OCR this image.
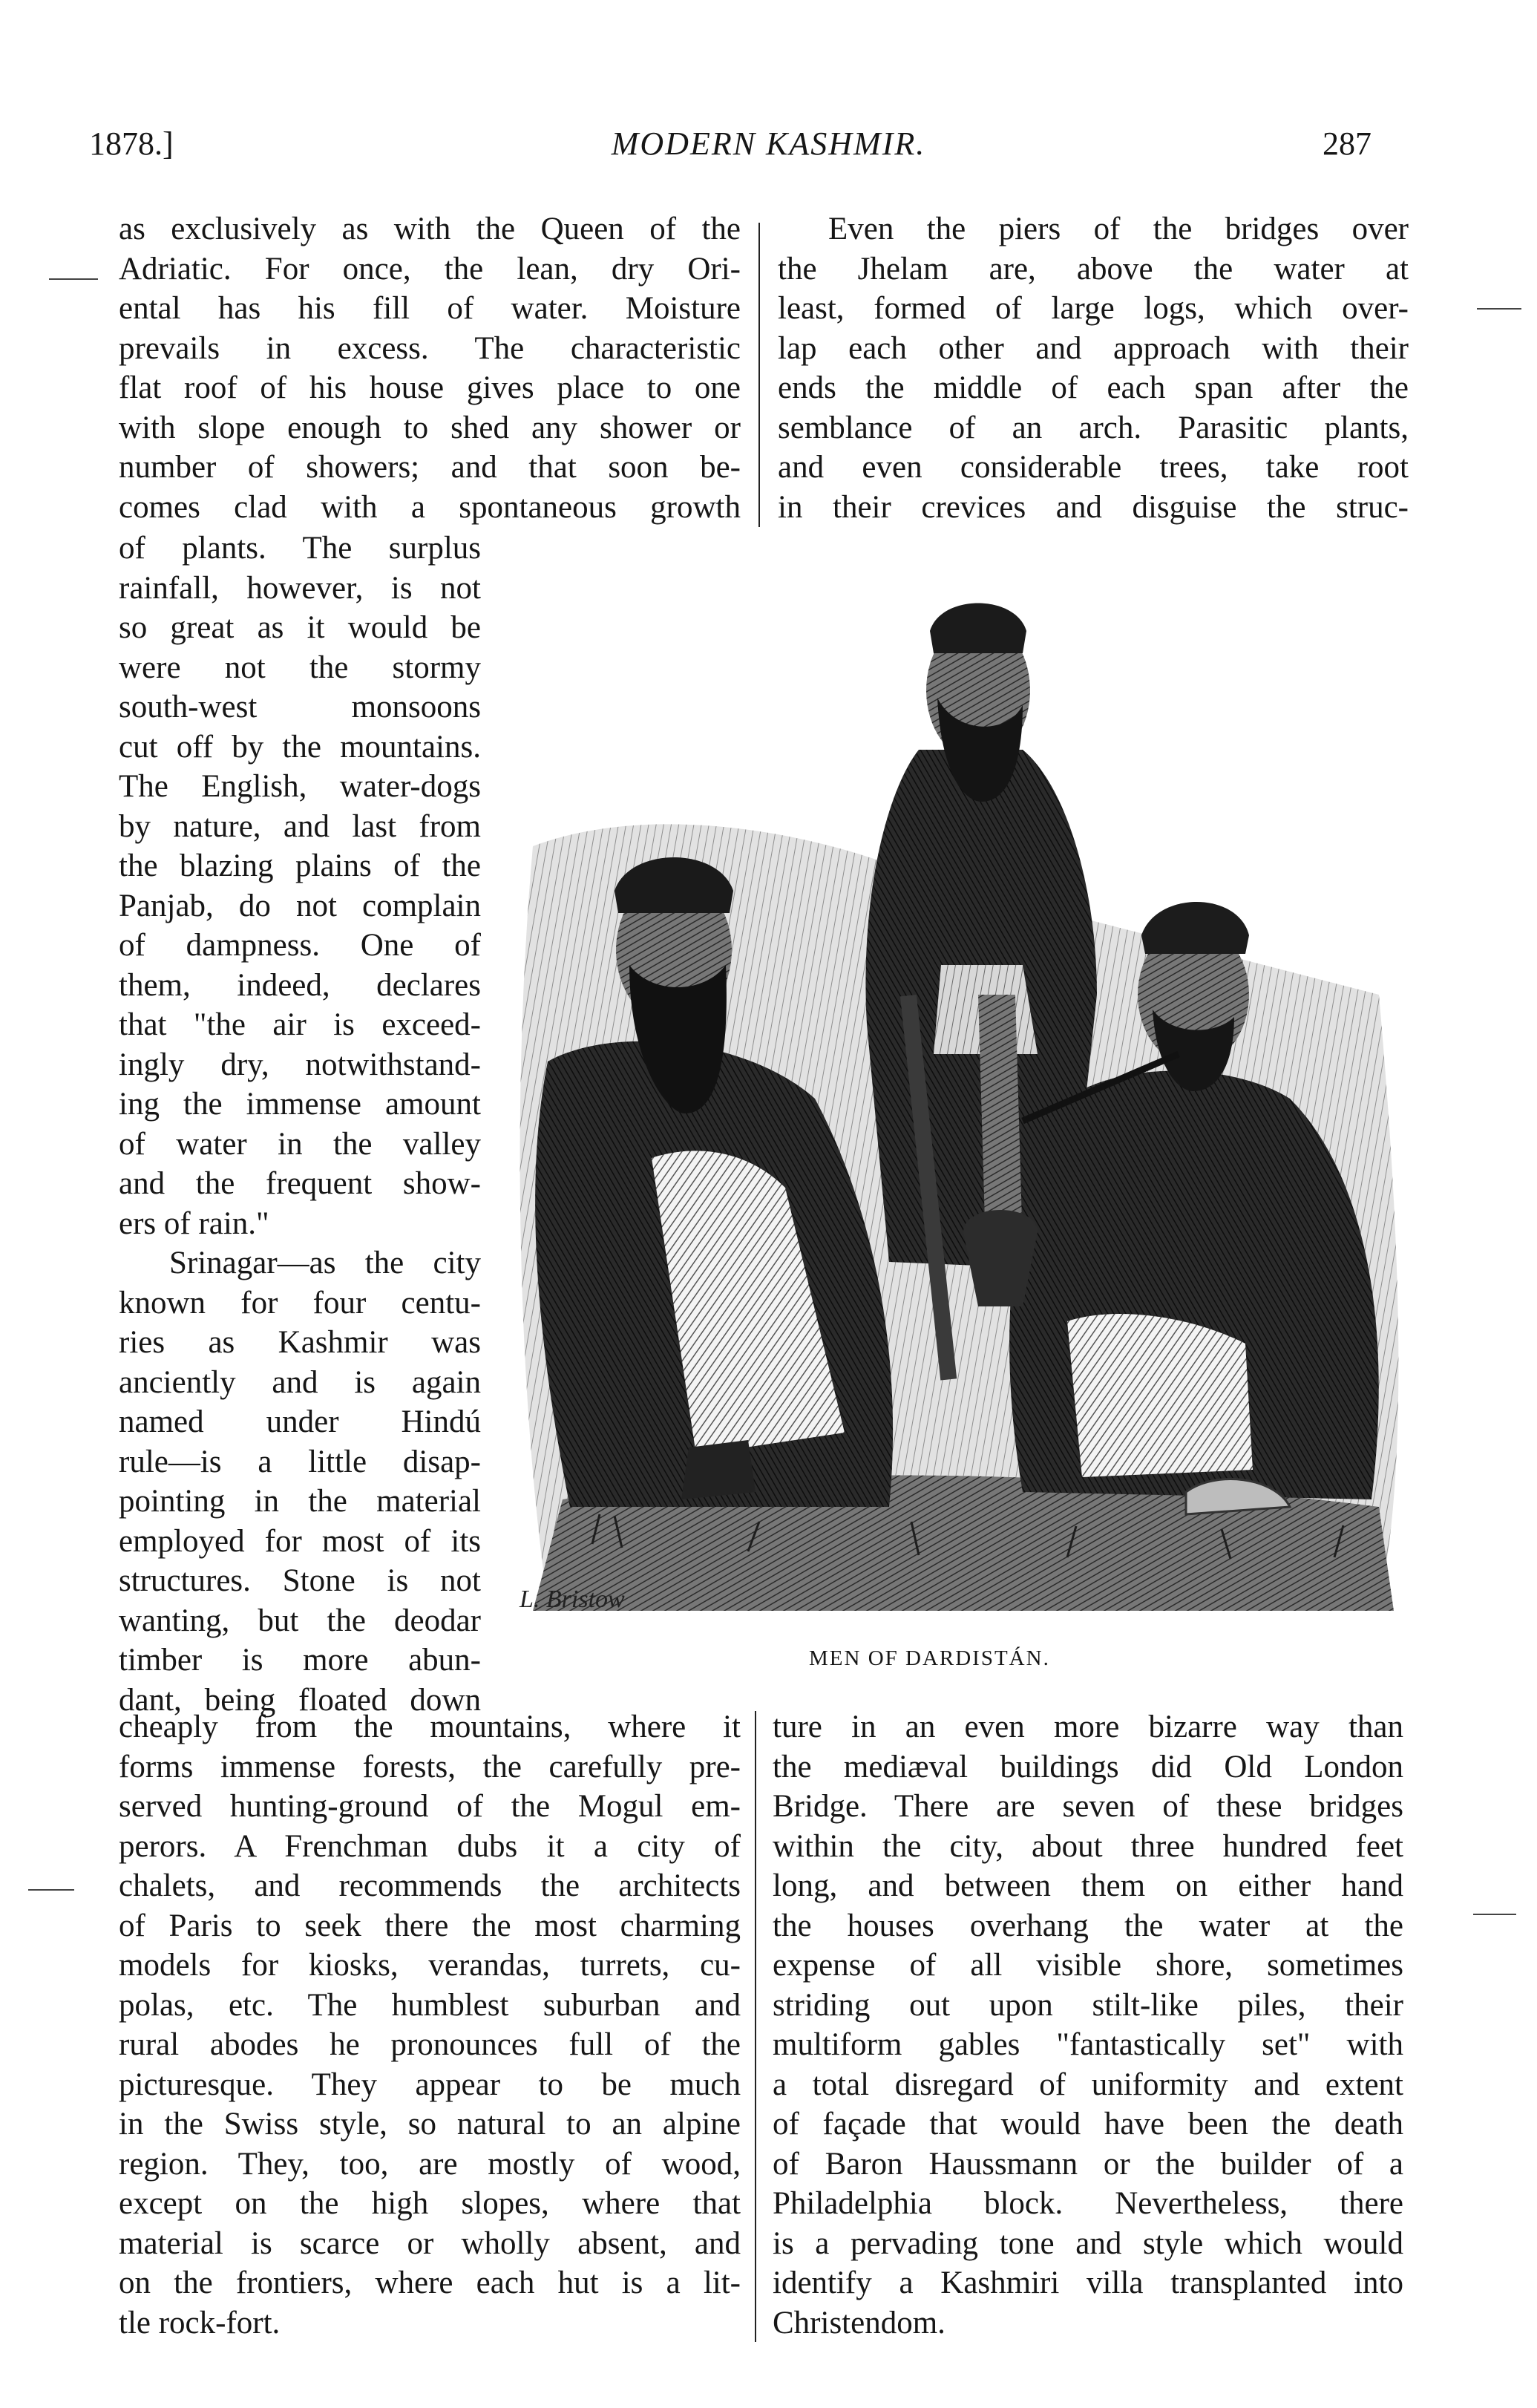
1878.]	MODERN KASHMIR.	287
as exclusively as with the Queen of the
Adriatic. For once, the lean, dry Ori-
ental has his fill of water. Moisture
prevails in excess. The characteristic
flat roof of his house gives place to one
with slope enough to shed any shower or
number of showers; and that soon be-
comes clad with a spontaneous growth
Even the piers of the bridges over
the Jhelam are, above the water at
least, formed of large logs, which over-
lap each other and approach with their
ends the middle of each span after the
semblance of an arch. Parasitic plants,
and even considerable trees, take root
in their crevices and disguise the struc-
of plants. The surplus
rainfall, however, is not
so great as it would be
were not the stormy
south-west monsoons
cut off by the mountains.
The English, water-dogs
by nature, and last from
the blazing plains of the
Panjab, do not complain
of dampness. One of
them, indeed, declares
that "the air is exceed-
ingly dry, notwithstand-
ing the immense amount
of water in the valley
and the frequent show-
ers of rain."
Srinagar—as the city
known for four centu-
ries as Kashmir was
anciently and is again
named under Hindú
rule—is a little disap-
pointing in the material
employed for most of its
structures. Stone is not
wanting, but the deodar
timber is more abun-
dant, being floated down
cheaply from the mountains, where it
forms immense forests, the carefully pre-
served hunting-ground of the Mogul em-
perors. A Frenchman dubs it a city of
chalets, and recommends the architects
of Paris to seek there the most charming
models for kiosks, verandas, turrets, cu-
polas, etc. The humblest suburban and
rural abodes he pronounces full of the
picturesque. They appear to be much
in the Swiss style, so natural to an alpine
region. They, too, are mostly of wood,
except on the high slopes, where that
material is scarce or wholly absent, and
on the frontiers, where each hut is a lit-
tle rock-fort.
ture in an even more bizarre way than
the mediæval buildings did Old London
Bridge. There are seven of these bridges
within the city, about three hundred feet
long, and between them on either hand
the houses overhang the water at the
expense of all visible shore, sometimes
striding out upon stilt-like piles, their
multiform gables "fantastically set" with
a total disregard of uniformity and extent
of façade that would have been the death
of Baron Haussmann or the builder of a
Philadelphia block. Nevertheless, there
is a pervading tone and style which would
identify a Kashmiri villa transplanted into
Christendom.
L. Bristow
MEN OF DARDISTÁN.
